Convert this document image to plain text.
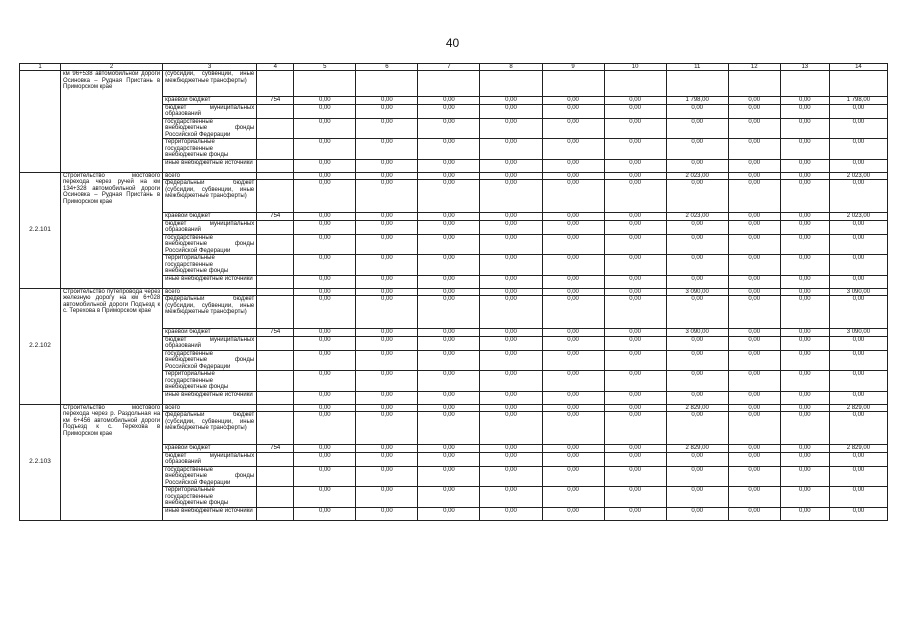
40
1	2	3	4	5	6	7	8	9	10	11	12	13	14
	км 96+538 автомобильной дороги Осиновка – Рудная Пристань в Приморском крае	(субсидии, субвенции, иные межбюджетные трансферты)											
		краевой бюджет	754	0,00	0,00	0,00	0,00	0,00	0,00	1 798,00	0,00	0,00	1 798,00
		бюджет муниципальных образований		0,00	0,00	0,00	0,00	0,00	0,00	0,00	0,00	0,00	0,00
		государственные внебюджетные фонды Российской Федерации		0,00	0,00	0,00	0,00	0,00	0,00	0,00	0,00	0,00	0,00
		территориальные государственные внебюджетные фонды		0,00	0,00	0,00	0,00	0,00	0,00	0,00	0,00	0,00	0,00
		иные внебюджетные источники		0,00	0,00	0,00	0,00	0,00	0,00	0,00	0,00	0,00	0,00
2.2.101	Строительство мостового перехода через ручей на км 134+328 автомобильной дороги Осиновка – Рудная Пристань в Приморском крае	всего		0,00	0,00	0,00	0,00	0,00	0,00	2 023,00	0,00	0,00	2 023,00
		федеральный бюджет (субсидии, субвенции, иные межбюджетные трансферты)		0,00	0,00	0,00	0,00	0,00	0,00	0,00	0,00	0,00	0,00
		краевой бюджет	754	0,00	0,00	0,00	0,00	0,00	0,00	2 023,00	0,00	0,00	2 023,00
		бюджет муниципальных образований		0,00	0,00	0,00	0,00	0,00	0,00	0,00	0,00	0,00	0,00
		государственные внебюджетные фонды Российской Федерации		0,00	0,00	0,00	0,00	0,00	0,00	0,00	0,00	0,00	0,00
		территориальные государственные внебюджетные фонды		0,00	0,00	0,00	0,00	0,00	0,00	0,00	0,00	0,00	0,00
		иные внебюджетные источники		0,00	0,00	0,00	0,00	0,00	0,00	0,00	0,00	0,00	0,00
2.2.102	Строительство путепровода через железную дорогу на км 6+028 автомобильной дороги Подъезд к с. Терехова в Приморском крае	всего		0,00	0,00	0,00	0,00	0,00	0,00	3 090,00	0,00	0,00	3 090,00
		федеральный бюджет (субсидии, субвенции, иные межбюджетные трансферты)		0,00	0,00	0,00	0,00	0,00	0,00	0,00	0,00	0,00	0,00
		краевой бюджет	754	0,00	0,00	0,00	0,00	0,00	0,00	3 090,00	0,00	0,00	3 090,00
		бюджет муниципальных образований		0,00	0,00	0,00	0,00	0,00	0,00	0,00	0,00	0,00	0,00
		государственные внебюджетные фонды Российской Федерации		0,00	0,00	0,00	0,00	0,00	0,00	0,00	0,00	0,00	0,00
		территориальные государственные внебюджетные фонды		0,00	0,00	0,00	0,00	0,00	0,00	0,00	0,00	0,00	0,00
		иные внебюджетные источники		0,00	0,00	0,00	0,00	0,00	0,00	0,00	0,00	0,00	0,00
2.2.103	Строительство мостового перехода через р. Раздольная на км 6+456 автомобильной дороги Подъезд к с. Терехова в Приморском крае	всего		0,00	0,00	0,00	0,00	0,00	0,00	2 829,00	0,00	0,00	2 829,00
		федеральный бюджет (субсидии, субвенции, иные межбюджетные трансферты)		0,00	0,00	0,00	0,00	0,00	0,00	0,00	0,00	0,00	0,00
		краевой бюджет	754	0,00	0,00	0,00	0,00	0,00	0,00	2 829,00	0,00	0,00	2 829,00
		бюджет муниципальных образований		0,00	0,00	0,00	0,00	0,00	0,00	0,00	0,00	0,00	0,00
		государственные внебюджетные фонды Российской Федерации		0,00	0,00	0,00	0,00	0,00	0,00	0,00	0,00	0,00	0,00
		территориальные государственные внебюджетные фонды		0,00	0,00	0,00	0,00	0,00	0,00	0,00	0,00	0,00	0,00
		иные внебюджетные источники		0,00	0,00	0,00	0,00	0,00	0,00	0,00	0,00	0,00	0,00
